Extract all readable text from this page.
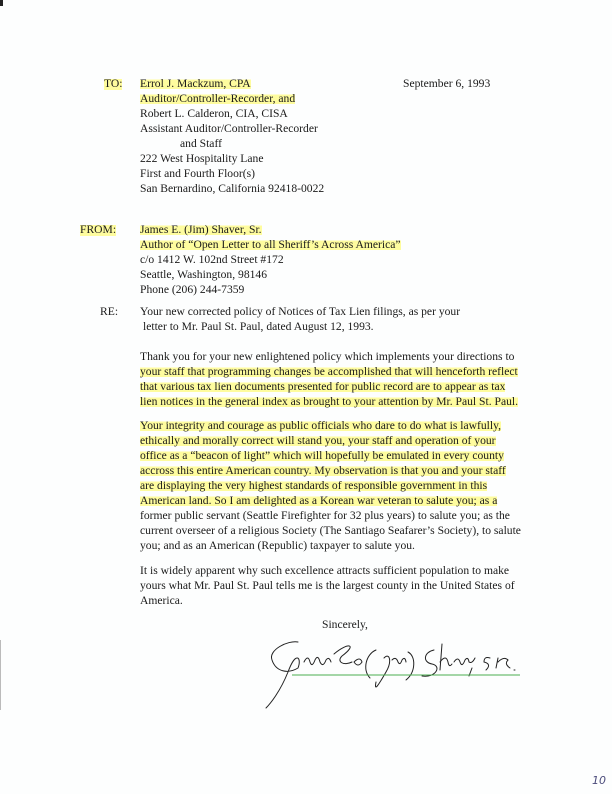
TO: Errol J. Mackzum, CPA
Auditor/Controller-Recorder, and
Robert L. Calderon, CIA, CISA
Assistant Auditor/Controller-Recorder
and Staff
222 West Hospitality Lane
First and Fourth Floor(s)
San Bernardino, California 92418-0022
September 6, 1993
FROM: James E. (Jim) Shaver, Sr.
Author of “Open Letter to all Sheriff’s Across America”
c/o 1412 W. 102nd Street #172
Seattle, Washington, 98146
Phone (206) 244-7359
RE: Your new corrected policy of Notices of Tax Lien filings, as per your
letter to Mr. Paul St. Paul, dated August 12, 1993.
Thank you for your new enlightened policy which implements your directions to
your staff that programming changes be accomplished that will henceforth reflect
that various tax lien documents presented for public record are to appear as tax
lien notices in the general index as brought to your attention by Mr. Paul St. Paul.
Your integrity and courage as public officials who dare to do what is lawfully,
ethically and morally correct will stand you, your staff and operation of your
office as a “beacon of light” which will hopefully be emulated in every county
accross this entire American country. My observation is that you and your staff
are displaying the very highest standards of responsible government in this
American land. So I am delighted as a Korean war veteran to salute you; as a
former public servant (Seattle Firefighter for 32 plus years) to salute you; as the
current overseer of a religious Society (The Santiago Seafarer’s Society), to salute
you; and as an American (Republic) taxpayer to salute you.
It is widely apparent why such excellence attracts sufficient population to make
yours what Mr. Paul St. Paul tells me is the largest county in the United States of
America.
Sincerely,
10
